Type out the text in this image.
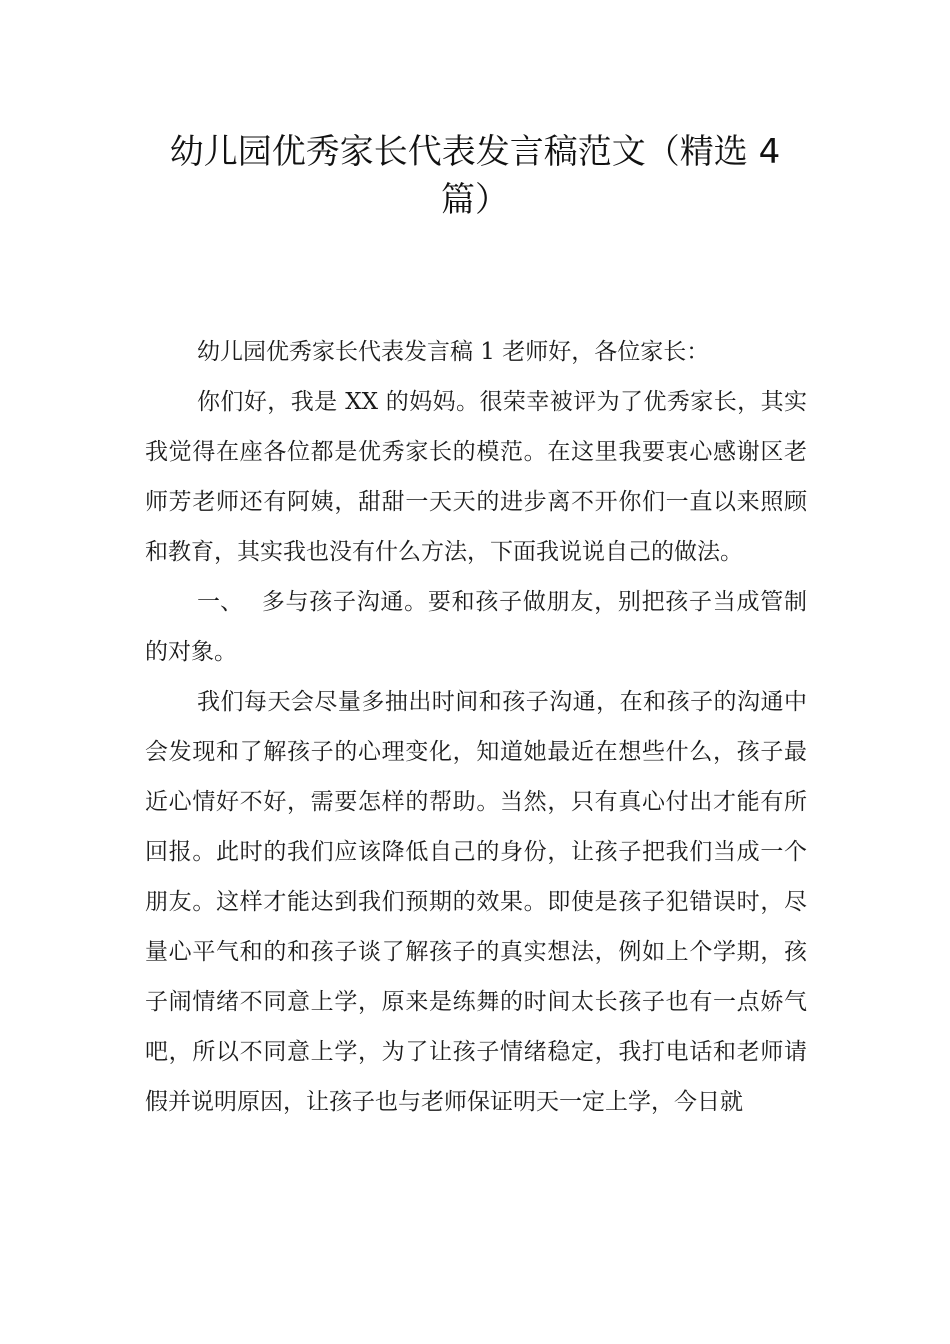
幼儿园优秀家长代表发言稿范文（精选 4
篇）

幼儿园优秀家长代表发言稿 1 老师好，各位家长：

你们好，我是 XX 的妈妈。很荣幸被评为了优秀家长，其实我觉得在座各位都是优秀家长的模范。在这里我要衷心感谢区老师芳老师还有阿姨，甜甜一天天的进步离不开你们一直以来照顾和教育，其实我也没有什么方法，下面我说说自己的做法。

一、 多与孩子沟通。要和孩子做朋友，别把孩子当成管制的对象。

我们每天会尽量多抽出时间和孩子沟通，在和孩子的沟通中会发现和了解孩子的心理变化，知道她最近在想些什么，孩子最近心情好不好，需要怎样的帮助。当然，只有真心付出才能有所回报。此时的我们应该降低自己的身份，让孩子把我们当成一个朋友。这样才能达到我们预期的效果。即使是孩子犯错误时，尽量心平气和的和孩子谈了解孩子的真实想法，例如上个学期，孩子闹情绪不同意上学，原来是练舞的时间太长孩子也有一点娇气吧，所以不同意上学，为了让孩子情绪稳定，我打电话和老师请假并说明原因，让孩子也与老师保证明天一定上学，今日就
